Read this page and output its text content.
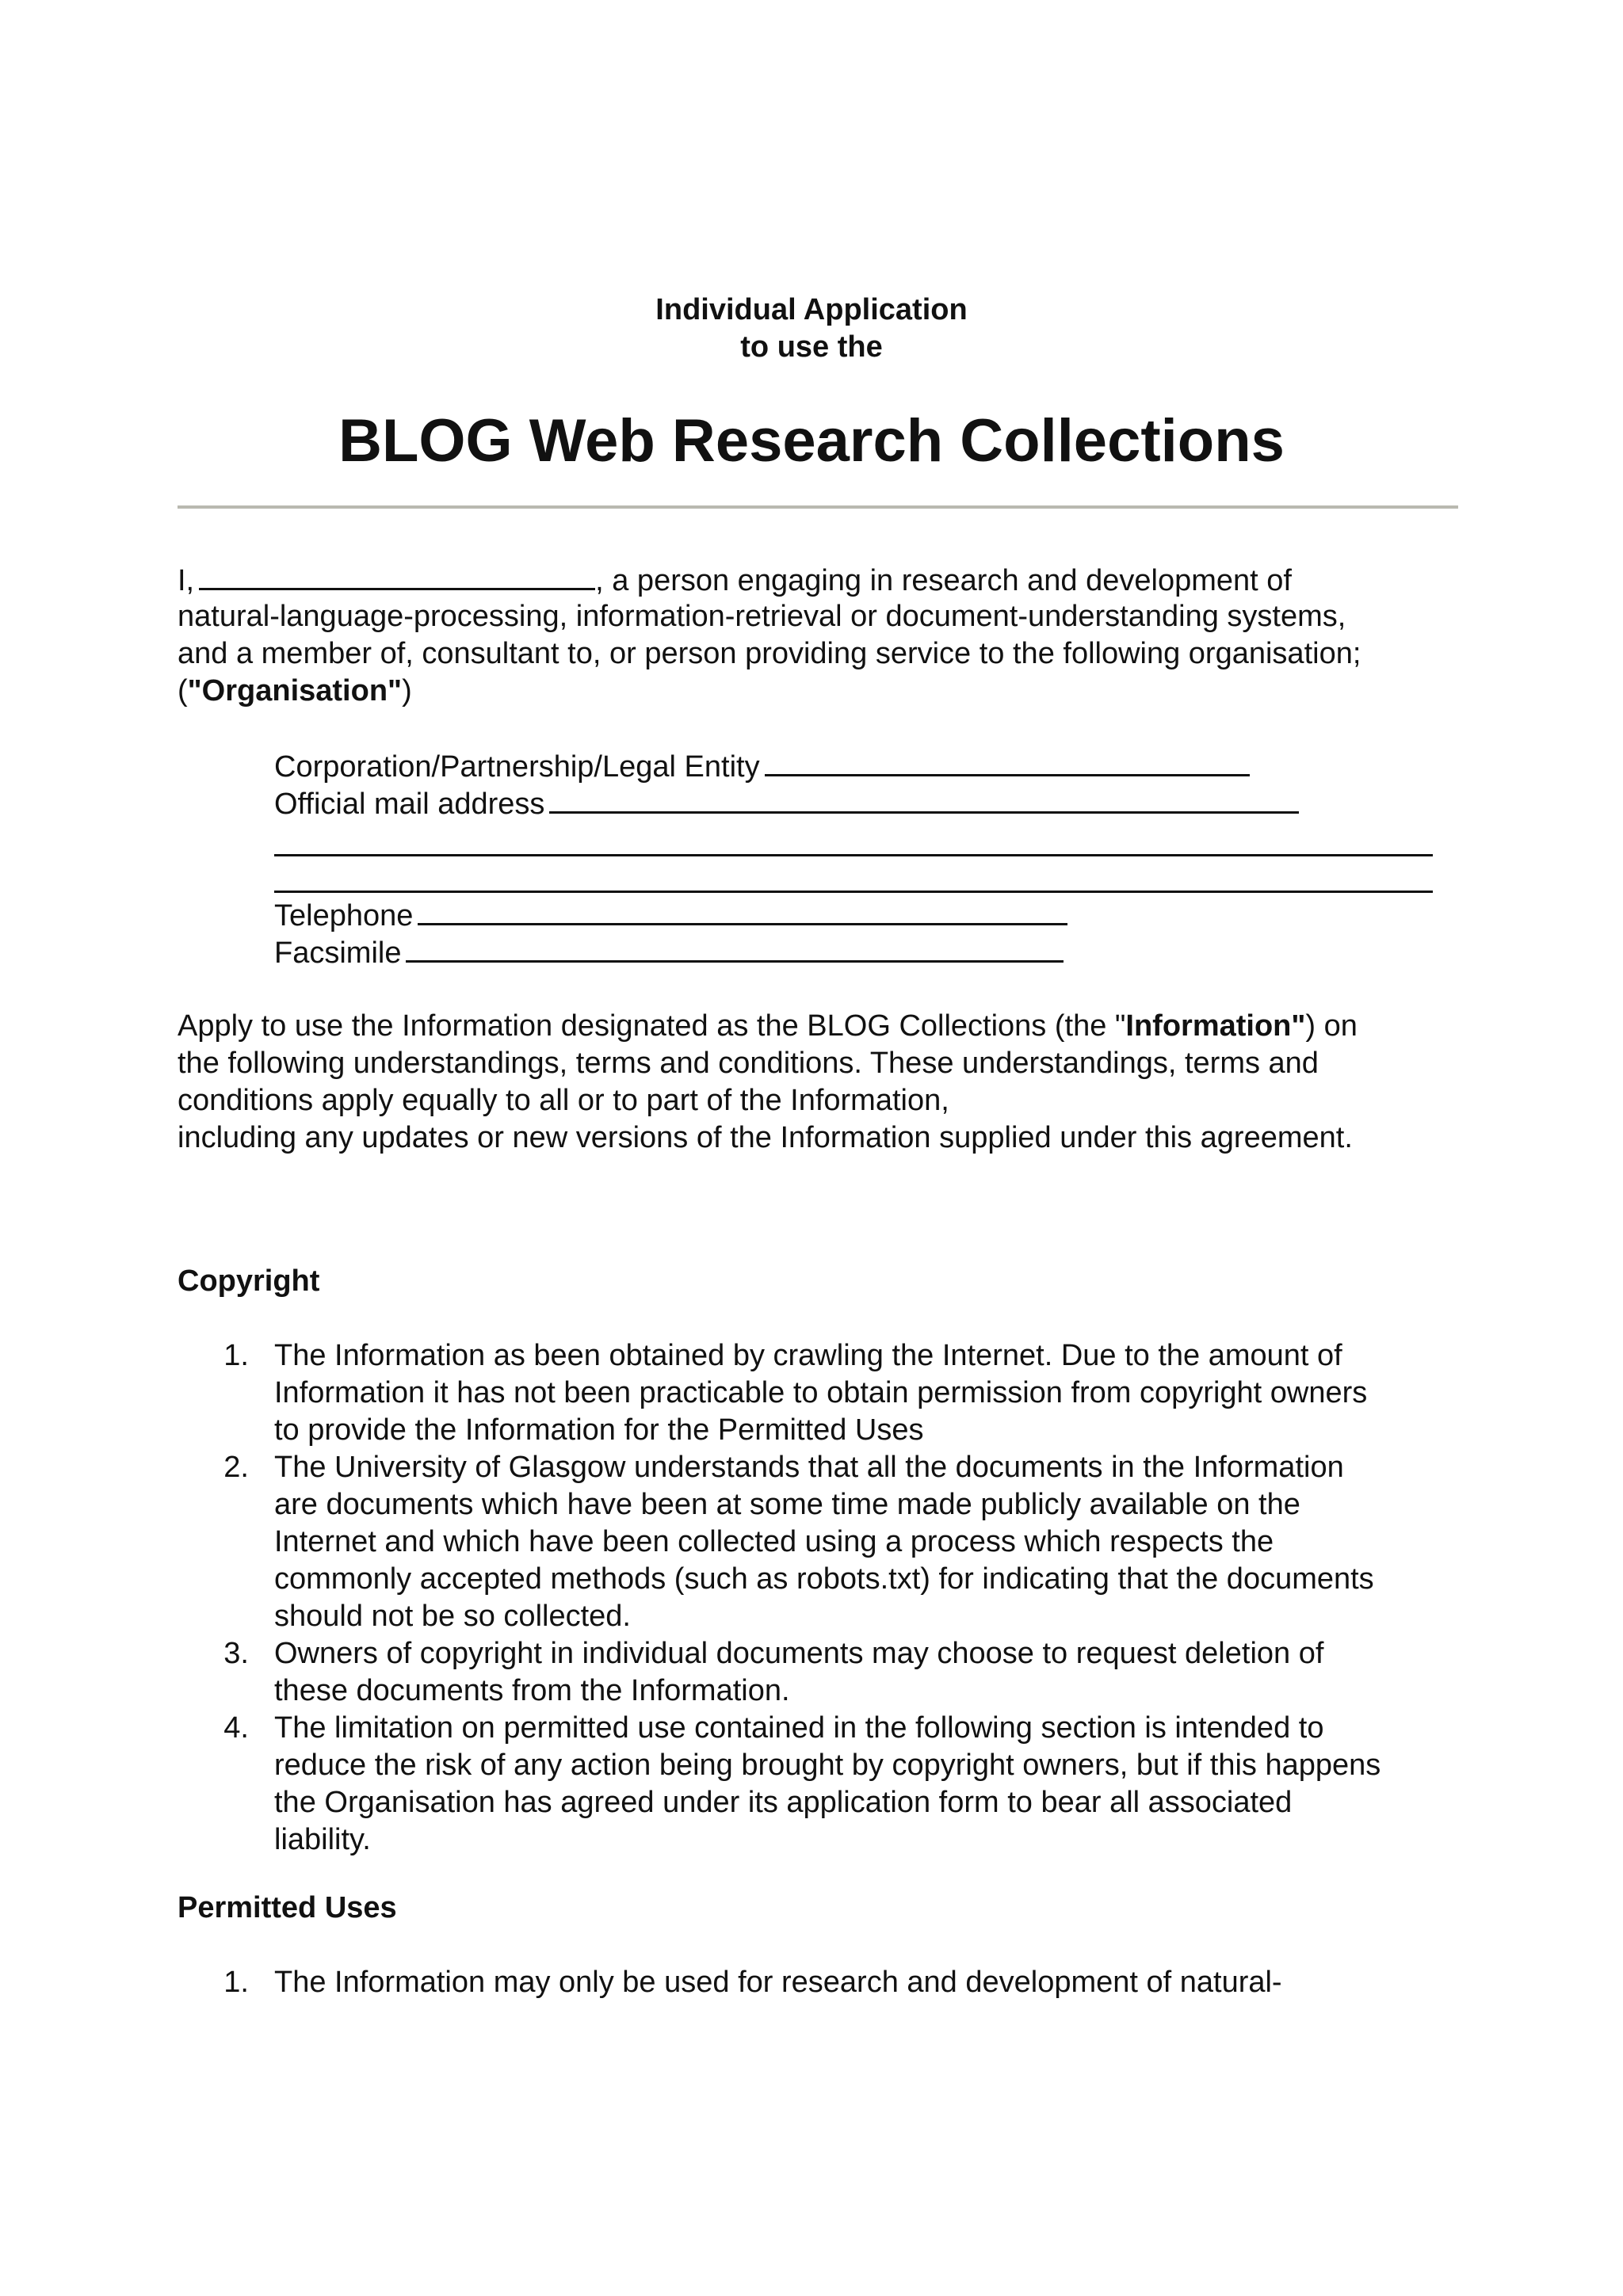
Individual Application
to use the
BLOG Web Research Collections
I,	, a person engaging in research and development of
natural-language-processing, information-retrieval or document-understanding systems,
and a member of, consultant to, or person providing service to the following organisation;
("Organisation")
Corporation/Partnership/Legal Entity
Official mail address
Telephone
Facsimile
Apply to use the Information designated as the BLOG Collections (the "Information") on
the following understandings, terms and conditions. These understandings, terms and
conditions apply equally to all or to part of the Information,
including any updates or new versions of the Information supplied under this agreement.
Copyright
1. The Information as been obtained by crawling the Internet. Due to the amount of
Information it has not been practicable to obtain permission from copyright owners
to provide the Information for the Permitted Uses
2. The University of Glasgow understands that all the documents in the Information
are documents which have been at some time made publicly available on the
Internet and which have been collected using a process which respects the
commonly accepted methods (such as robots.txt) for indicating that the documents
should not be so collected.
3. Owners of copyright in individual documents may choose to request deletion of
these documents from the Information.
4. The limitation on permitted use contained in the following section is intended to
reduce the risk of any action being brought by copyright owners, but if this happens
the Organisation has agreed under its application form to bear all associated
liability.
Permitted Uses
1. The Information may only be used for research and development of natural-
